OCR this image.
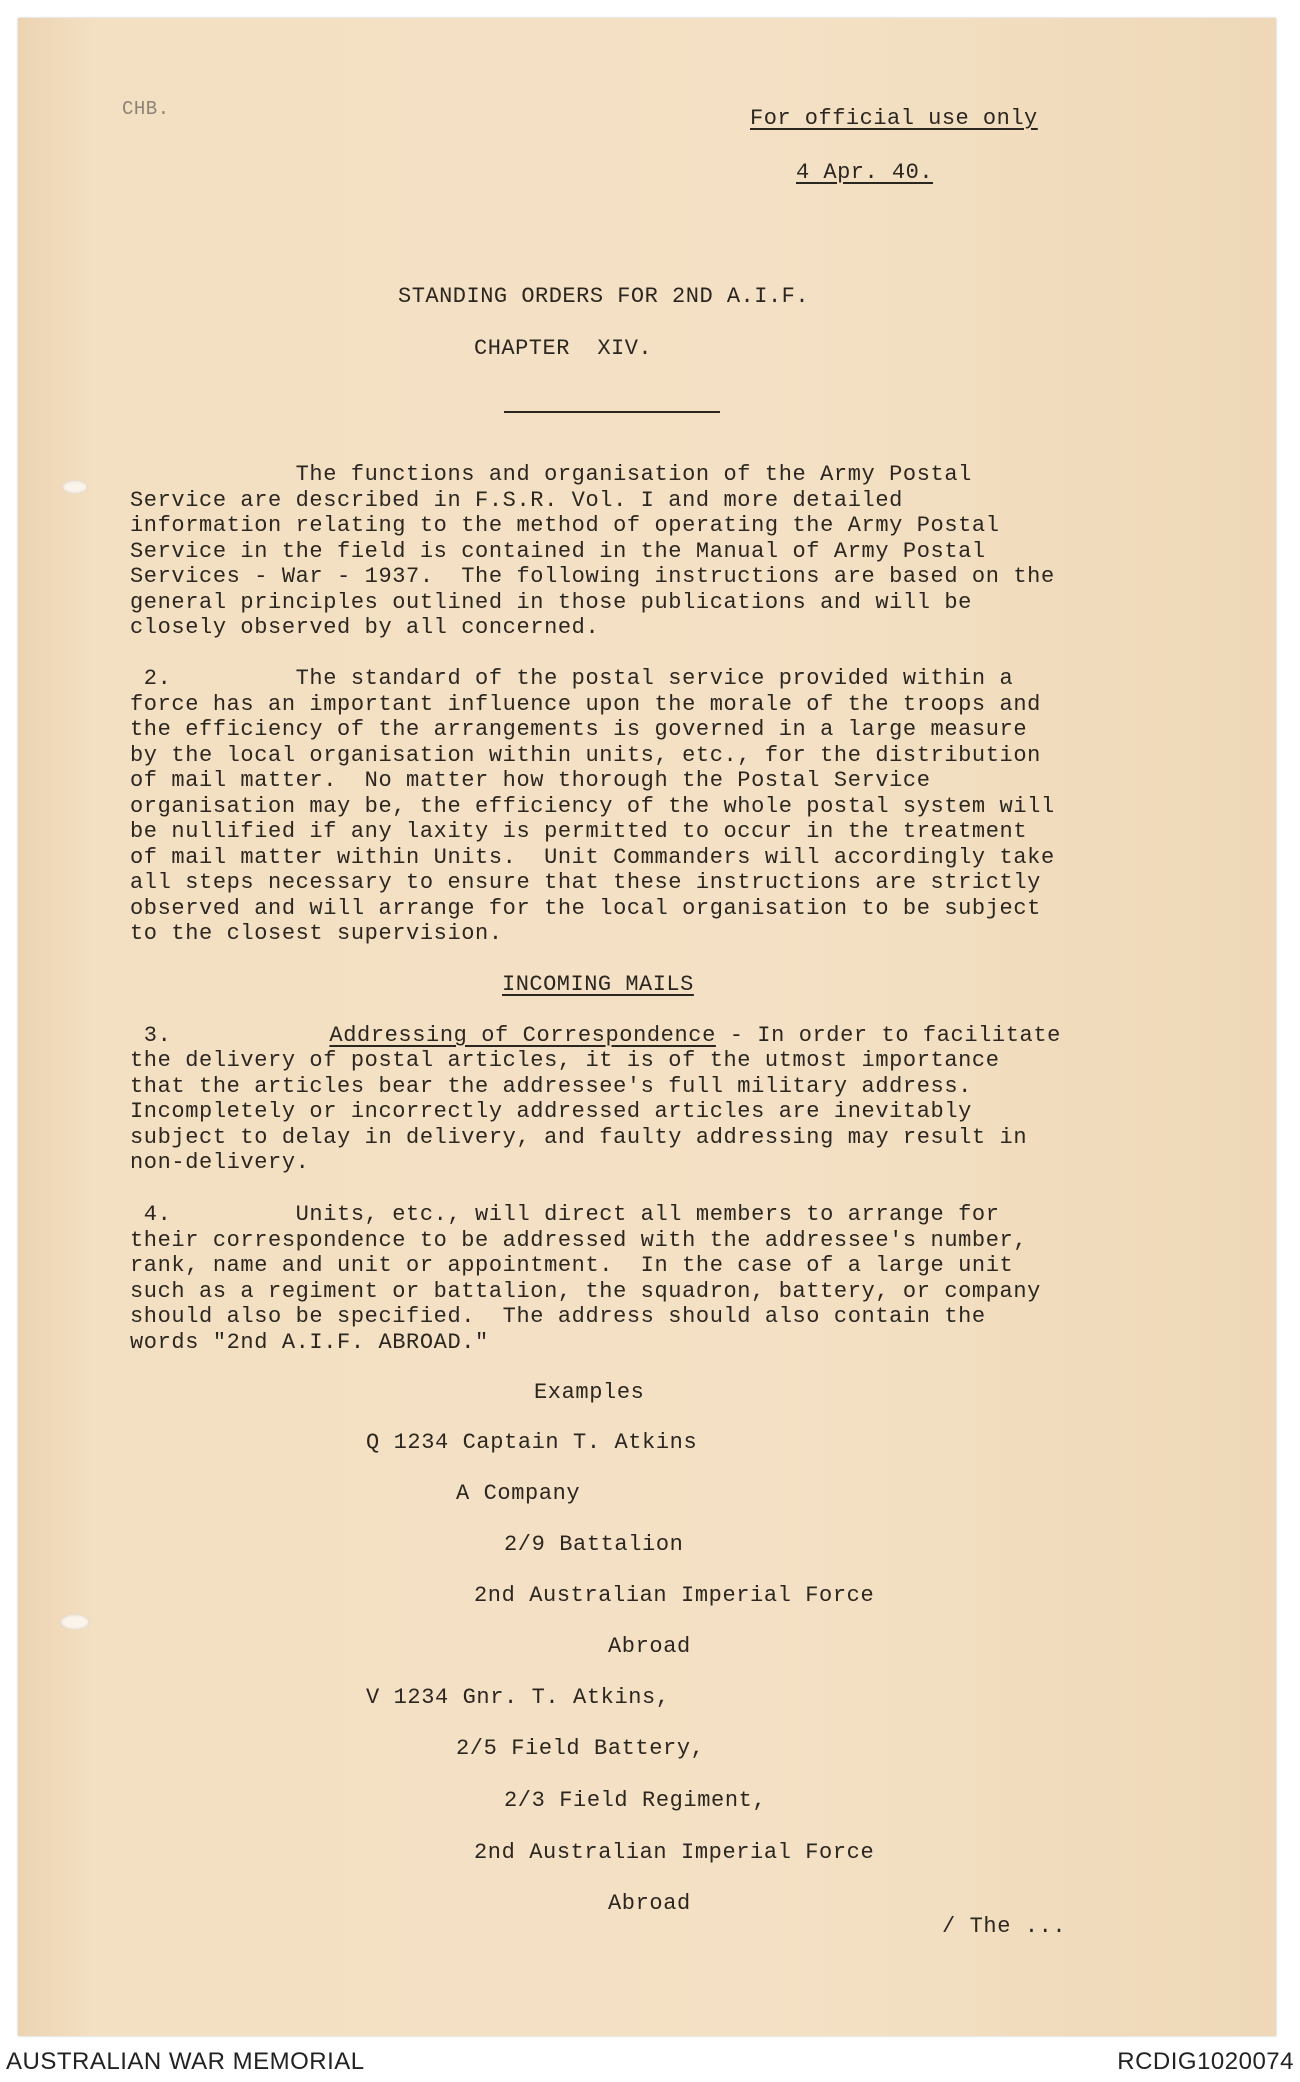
CHB.	For official use only
4 Apr. 40.
STANDING ORDERS FOR 2ND A.I.F.
CHAPTER  XIV.
The functions and organisation of the Army Postal
Service are described in F.S.R. Vol. I and more detailed
information relating to the method of operating the Army Postal
Service in the field is contained in the Manual of Army Postal
Services - War - 1937.  The following instructions are based on the
general principles outlined in those publications and will be
closely observed by all concerned.
2.         The standard of the postal service provided within a
force has an important influence upon the morale of the troops and
the efficiency of the arrangements is governed in a large measure
by the local organisation within units, etc., for the distribution
of mail matter.  No matter how thorough the Postal Service
organisation may be, the efficiency of the whole postal system will
be nullified if any laxity is permitted to occur in the treatment
of mail matter within Units.  Unit Commanders will accordingly take
all steps necessary to ensure that these instructions are strictly
observed and will arrange for the local organisation to be subject
to the closest supervision.
INCOMING MAILS
3.	Addressing of Correspondence - In order to facilitate
the delivery of postal articles, it is of the utmost importance
that the articles bear the addressee's full military address.
Incompletely or incorrectly addressed articles are inevitably
subject to delay in delivery, and faulty addressing may result in
non-delivery.
4.         Units, etc., will direct all members to arrange for
their correspondence to be addressed with the addressee's number,
rank, name and unit or appointment.  In the case of a large unit
such as a regiment or battalion, the squadron, battery, or company
should also be specified.  The address should also contain the
words "2nd A.I.F. ABROAD."
Examples
Q 1234 Captain T. Atkins
A Company
2/9 Battalion
2nd Australian Imperial Force
Abroad
V 1234 Gnr. T. Atkins,
2/5 Field Battery,
2/3 Field Regiment,
2nd Australian Imperial Force
Abroad
/ The ...
AUSTRALIAN WAR MEMORIAL	RCDIG1020074
